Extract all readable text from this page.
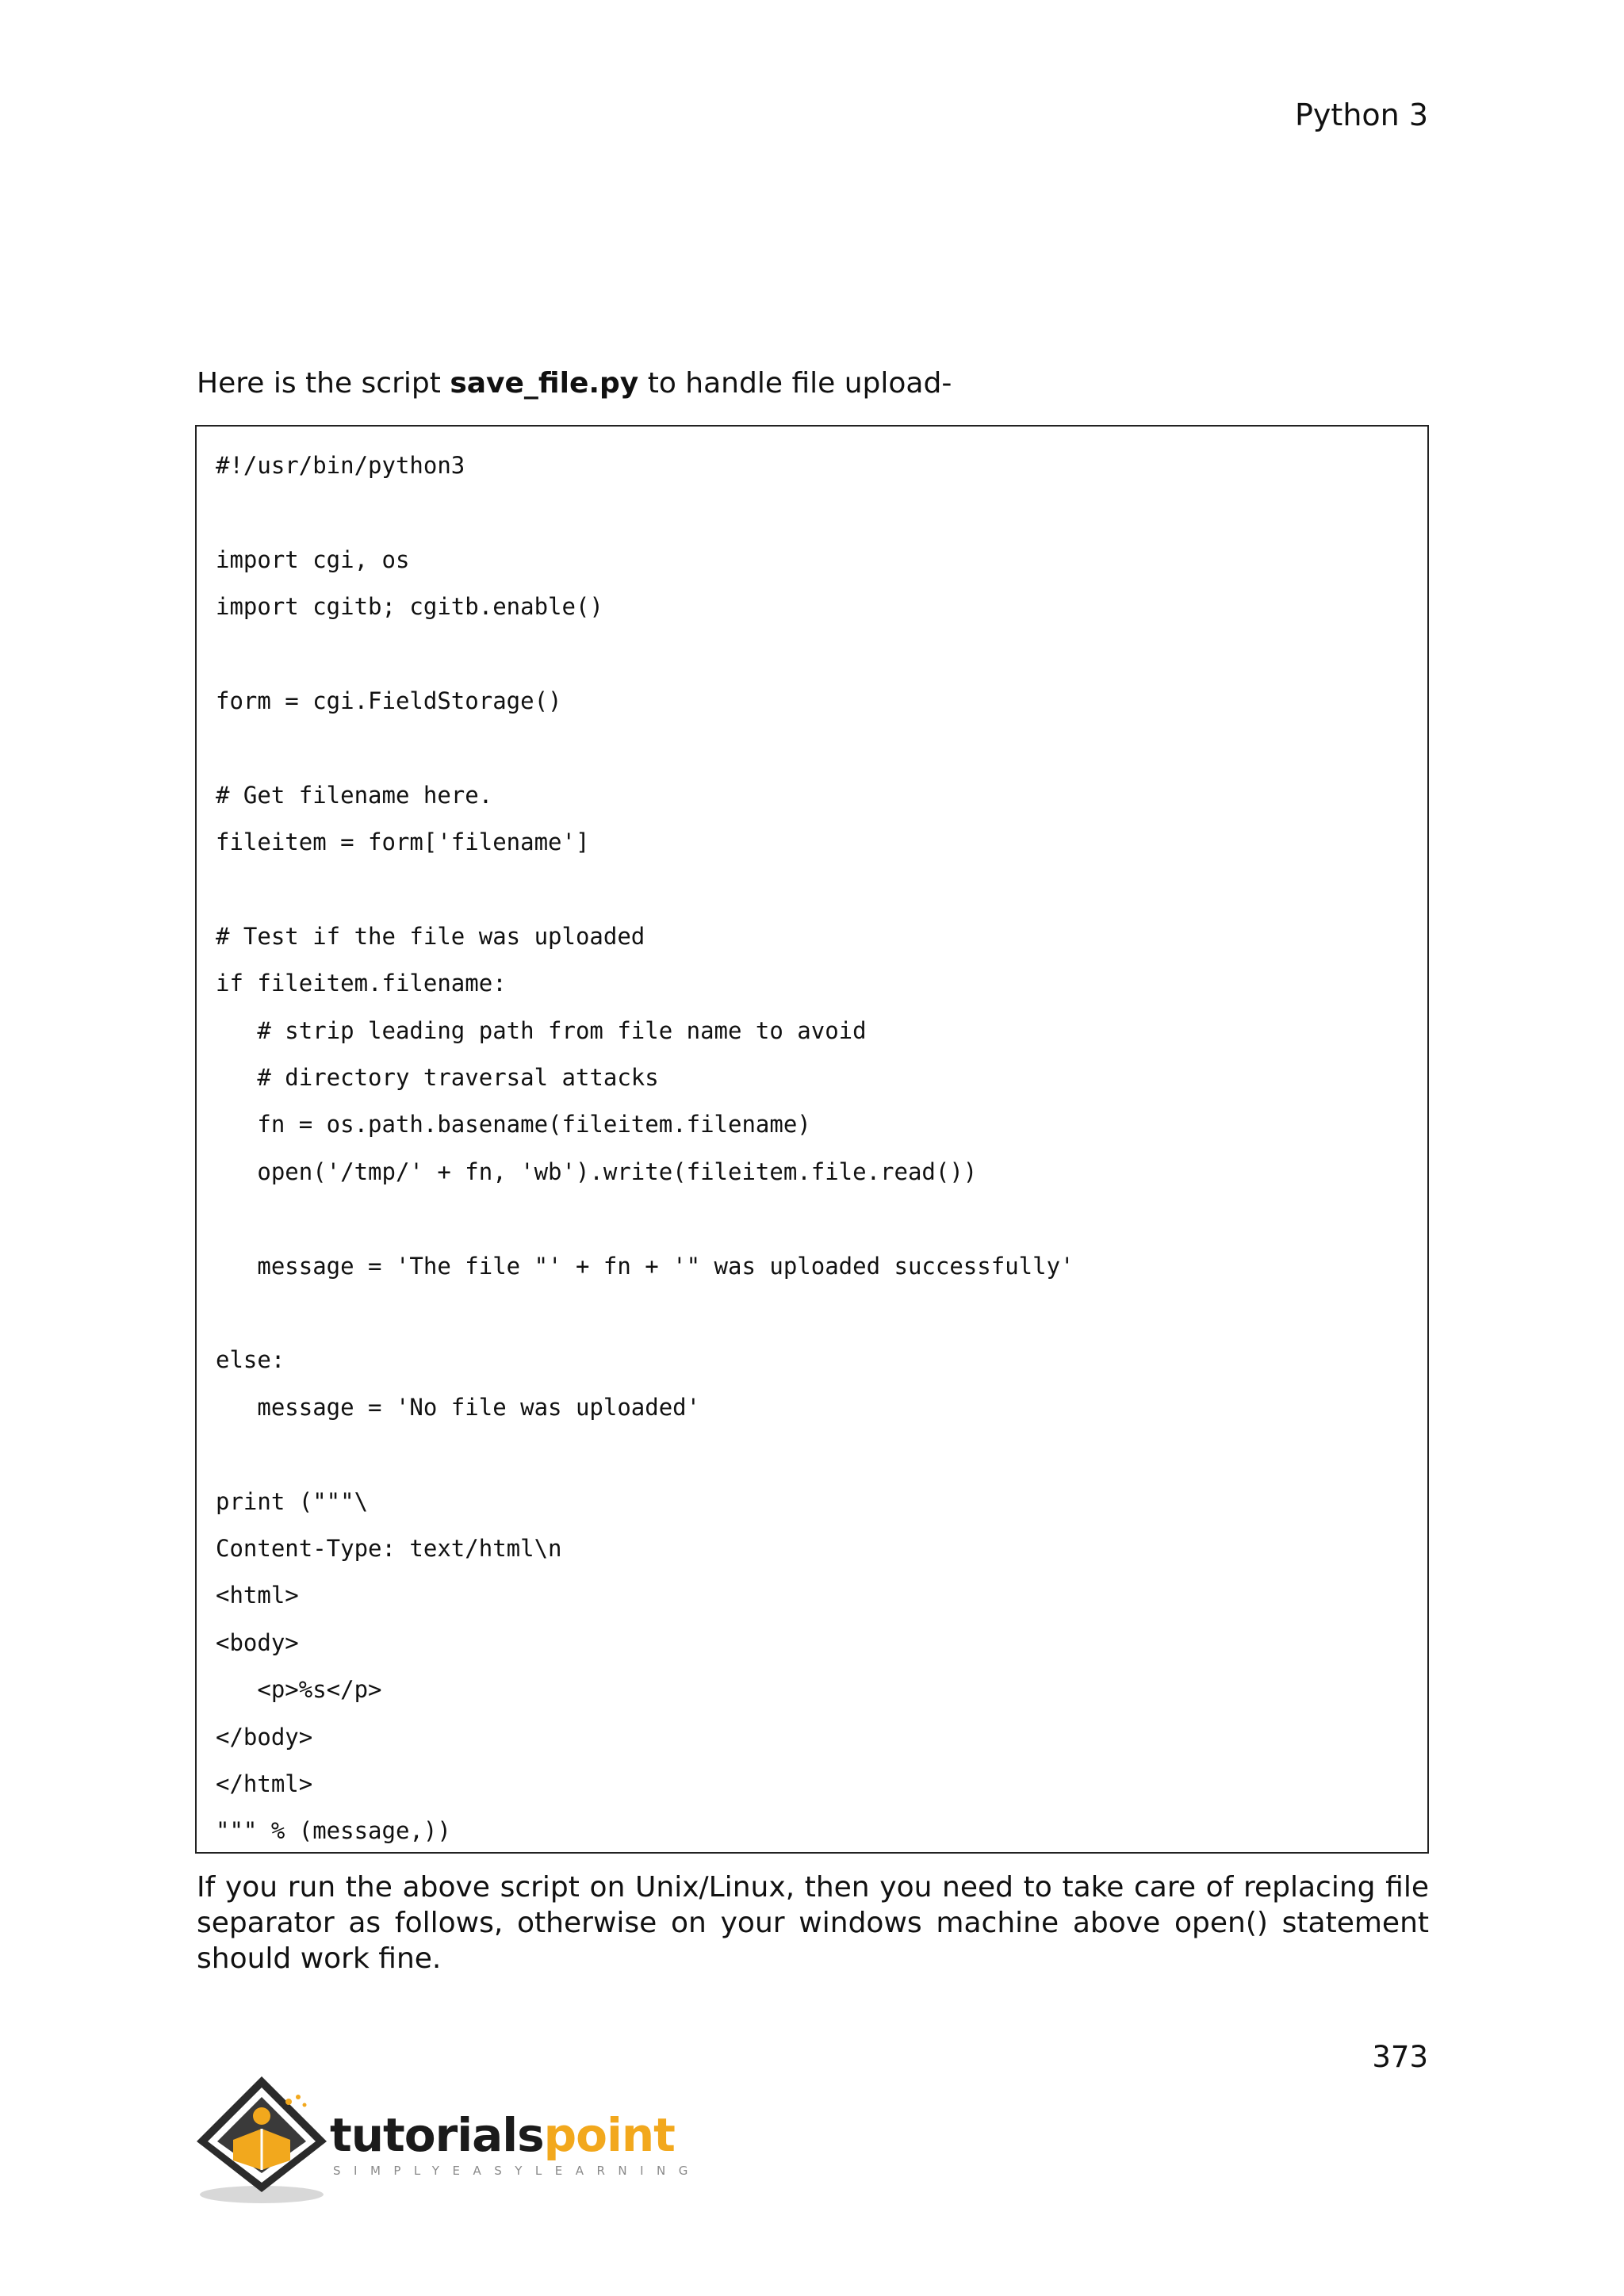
Python 3
Here is the script save_file.py to handle file upload-
#!/usr/bin/python3
import cgi, os
import cgitb; cgitb.enable()
form = cgi.FieldStorage()
# Get filename here.
fileitem = form['filename']
# Test if the file was uploaded
if fileitem.filename:
# strip leading path from file name to avoid
# directory traversal attacks
fn = os.path.basename(fileitem.filename)
open('/tmp/' + fn, 'wb').write(fileitem.file.read())
message = 'The file "' + fn + '" was uploaded successfully'
else:
message = 'No file was uploaded'
print ("""\
Content-Type: text/html\n
<html>
<body>
<p>%s</p>
</body>
</html>
""" % (message,))
If you run the above script on Unix/Linux, then you need to take care of replacing file separator as follows, otherwise on your windows machine above open() statement should work fine.
373
tutorialspoint
SIMPLYEASYLEARNING
